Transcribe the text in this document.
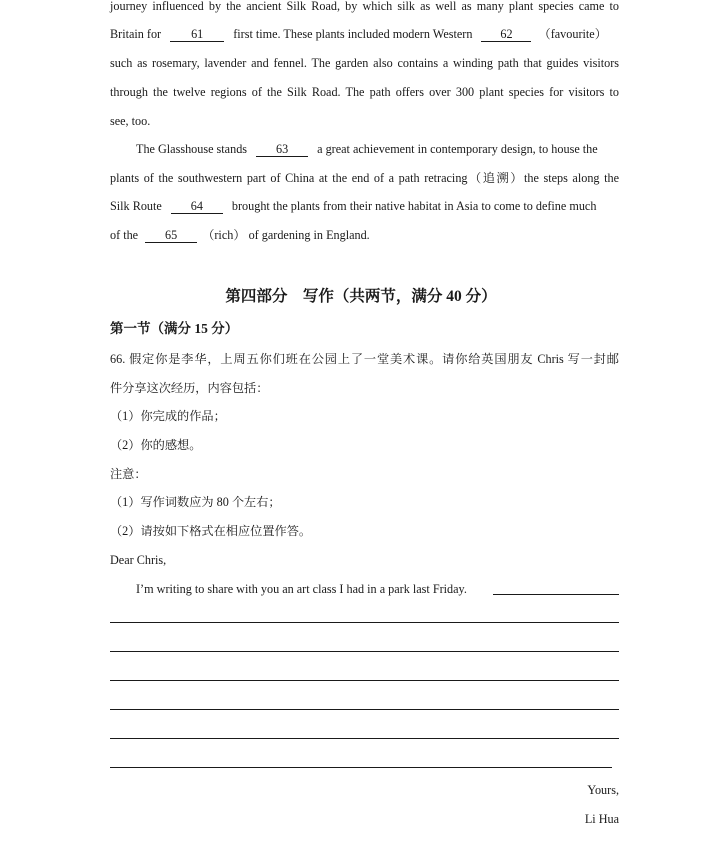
journey influenced by the ancient Silk Road, by which silk as well as many plant species came to
Britain for 61 first time. These plants included modern Western 62 （favourite）
such as rosemary, lavender and fennel. The garden also contains a winding path that guides visitors
through the twelve regions of the Silk Road. The path offers over 300 plant species for visitors to
see, too.
The Glasshouse stands 63 a great achievement in contemporary design, to house the
plants of the southwestern part of China at the end of a path retracing（追溯）the steps along the
Silk Route 64 brought the plants from their native habitat in Asia to come to define much
of the 65 （rich） of gardening in England.
第四部分　写作（共两节，满分 40 分）
第一节（满分 15 分）
66. 假定你是李华，上周五你们班在公园上了一堂美术课。请你给英国朋友 Chris 写一封邮
件分享这次经历，内容包括：
（1）你完成的作品；
（2）你的感想。
注意：
（1）写作词数应为 80 个左右；
（2）请按如下格式在相应位置作答。
Dear Chris,
I’m writing to share with you an art class I had in a park last Friday.
Yours,
Li Hua
